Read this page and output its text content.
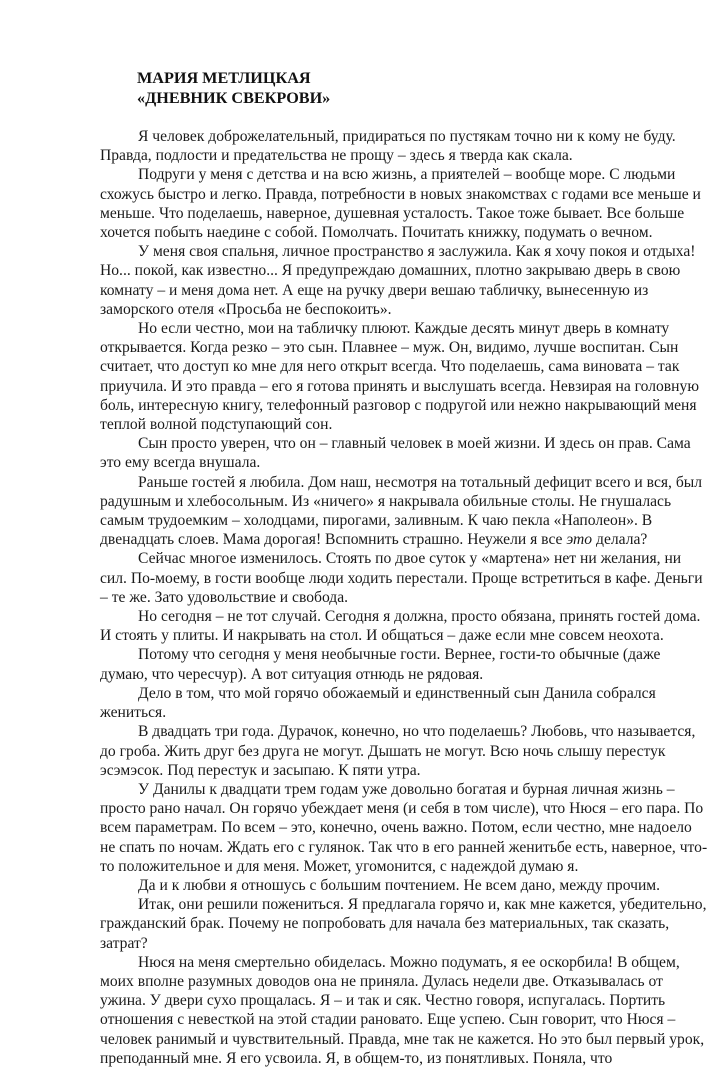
МАРИЯ МЕТЛИЦКАЯ
«ДНЕВНИК СВЕКРОВИ»

Я человек доброжелательный, придираться по пустякам точно ни к кому не буду.
Правда, подлости и предательства не прощу – здесь я тверда как скала.

Подруги у меня с детства и на всю жизнь, а приятелей – вообще море. С людьми
схожусь быстро и легко. Правда, потребности в новых знакомствах с годами все меньше и
меньше. Что поделаешь, наверное, душевная усталость. Такое тоже бывает. Все больше
хочется побыть наедине с собой. Помолчать. Почитать книжку, подумать о вечном.

У меня своя спальня, личное пространство я заслужила. Как я хочу покоя и отдыха!
Но... покой, как известно... Я предупреждаю домашних, плотно закрываю дверь в свою
комнату – и меня дома нет. А еще на ручку двери вешаю табличку, вынесенную из
заморского отеля «Просьба не беспокоить».

Но если честно, мои на табличку плюют. Каждые десять минут дверь в комнату
открывается. Когда резко – это сын. Плавнее – муж. Он, видимо, лучше воспитан. Сын
считает, что доступ ко мне для него открыт всегда. Что поделаешь, сама виновата – так
приучила. И это правда – его я готова принять и выслушать всегда. Невзирая на головную
боль, интересную книгу, телефонный разговор с подругой или нежно накрывающий меня
теплой волной подступающий сон.

Сын просто уверен, что он – главный человек в моей жизни. И здесь он прав. Сама
это ему всегда внушала.

Раньше гостей я любила. Дом наш, несмотря на тотальный дефицит всего и вся, был
радушным и хлебосольным. Из «ничего» я накрывала обильные столы. Не гнушалась
самым трудоемким – холодцами, пирогами, заливным. К чаю пекла «Наполеон». В
двенадцать слоев. Мама дорогая! Вспомнить страшно. Неужели я все это делала?

Сейчас многое изменилось. Стоять по двое суток у «мартена» нет ни желания, ни
сил. По-моему, в гости вообще люди ходить перестали. Проще встретиться в кафе. Деньги
– те же. Зато удовольствие и свобода.

Но сегодня – не тот случай. Сегодня я должна, просто обязана, принять гостей дома.
И стоять у плиты. И накрывать на стол. И общаться – даже если мне совсем неохота.

Потому что сегодня у меня необычные гости. Вернее, гости-то обычные (даже
думаю, что чересчур). А вот ситуация отнюдь не рядовая.

Дело в том, что мой горячо обожаемый и единственный сын Данила собрался
жениться.

В двадцать три года. Дурачок, конечно, но что поделаешь? Любовь, что называется,
до гроба. Жить друг без друга не могут. Дышать не могут. Всю ночь слышу перестук
эсэмэсок. Под перестук и засыпаю. К пяти утра.

У Данилы к двадцати трем годам уже довольно богатая и бурная личная жизнь –
просто рано начал. Он горячо убеждает меня (и себя в том числе), что Нюся – его пара. По
всем параметрам. По всем – это, конечно, очень важно. Потом, если честно, мне надоело
не спать по ночам. Ждать его с гулянок. Так что в его ранней женитьбе есть, наверное, что-
то положительное и для меня. Может, угомонится, с надеждой думаю я.

Да и к любви я отношусь с большим почтением. Не всем дано, между прочим.

Итак, они решили пожениться. Я предлагала горячо и, как мне кажется, убедительно,
гражданский брак. Почему не попробовать для начала без материальных, так сказать,
затрат?

Нюся на меня смертельно обиделась. Можно подумать, я ее оскорбила! В общем,
моих вполне разумных доводов она не приняла. Дулась недели две. Отказывалась от
ужина. У двери сухо прощалась. Я – и так и сяк. Честно говоря, испугалась. Портить
отношения с невесткой на этой стадии рановато. Еще успею. Сын говорит, что Нюся –
человек ранимый и чувствительный. Правда, мне так не кажется. Но это был первый урок,
преподанный мне. Я его усвоила. Я, в общем-то, из понятливых. Поняла, что
